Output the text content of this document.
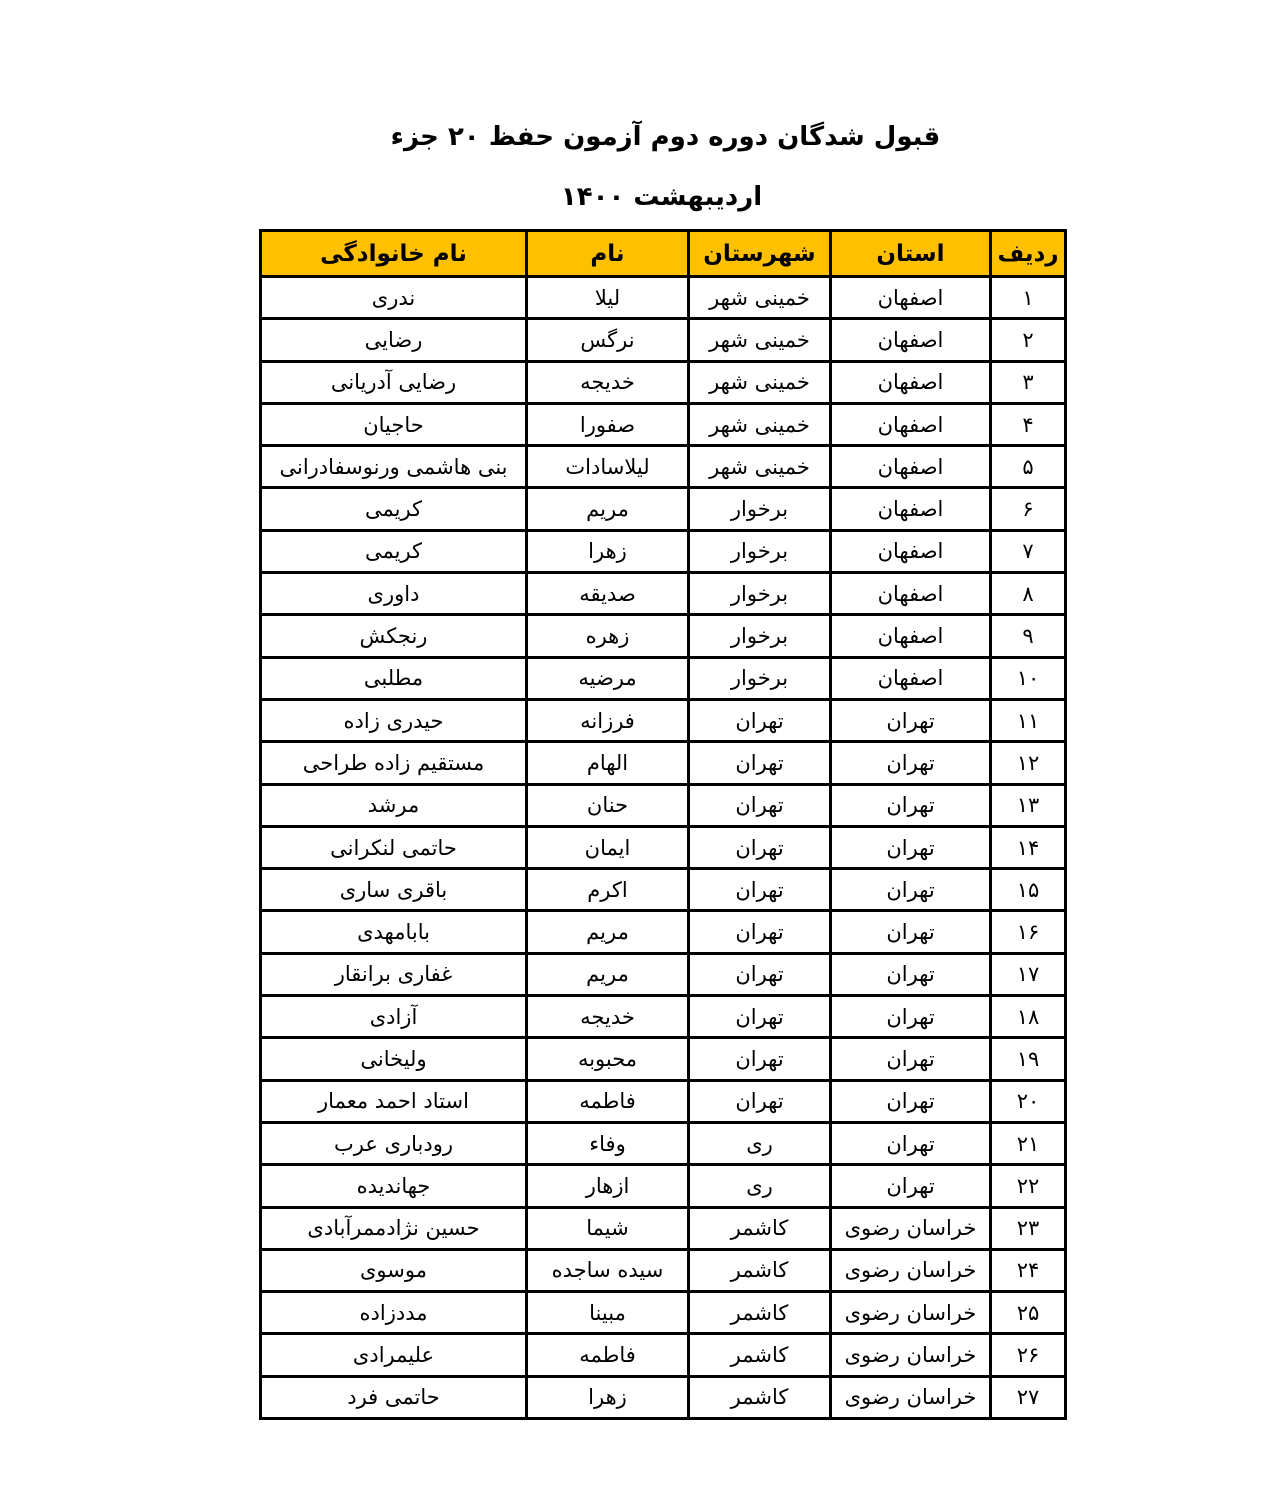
قبول شدگان دوره دوم آزمون حفظ ۲۰ جزء
اردیبهشت ۱۴۰۰
ردیف	استان	شهرستان	نام	نام خانوادگی
۱	اصفهان	خمینی شهر	لیلا	ندری
۲	اصفهان	خمینی شهر	نرگس	رضایی
۳	اصفهان	خمینی شهر	خدیجه	رضایی آدریانی
۴	اصفهان	خمینی شهر	صفورا	حاجیان
۵	اصفهان	خمینی شهر	لیلاسادات	بنی هاشمی ورنوسفادرانی
۶	اصفهان	برخوار	مریم	کریمی
۷	اصفهان	برخوار	زهرا	کریمی
۸	اصفهان	برخوار	صدیقه	داوری
۹	اصفهان	برخوار	زهره	رنجکش
۱۰	اصفهان	برخوار	مرضیه	مطلبی
۱۱	تهران	تهران	فرزانه	حیدری زاده
۱۲	تهران	تهران	الهام	مستقیم زاده طراحی
۱۳	تهران	تهران	حنان	مرشد
۱۴	تهران	تهران	ایمان	حاتمی لنکرانی
۱۵	تهران	تهران	اکرم	باقری ساری
۱۶	تهران	تهران	مریم	بابامهدی
۱۷	تهران	تهران	مریم	غفاری برانقار
۱۸	تهران	تهران	خدیجه	آزادی
۱۹	تهران	تهران	محبوبه	ولیخانی
۲۰	تهران	تهران	فاطمه	استاد احمد معمار
۲۱	تهران	ری	وفاء	رودباری عرب
۲۲	تهران	ری	ازهار	جهاندیده
۲۳	خراسان رضوی	کاشمر	شیما	حسین نژادممرآبادی
۲۴	خراسان رضوی	کاشمر	سیده ساجده	موسوی
۲۵	خراسان رضوی	کاشمر	مبینا	مددزاده
۲۶	خراسان رضوی	کاشمر	فاطمه	علیمرادی
۲۷	خراسان رضوی	کاشمر	زهرا	حاتمی فرد
